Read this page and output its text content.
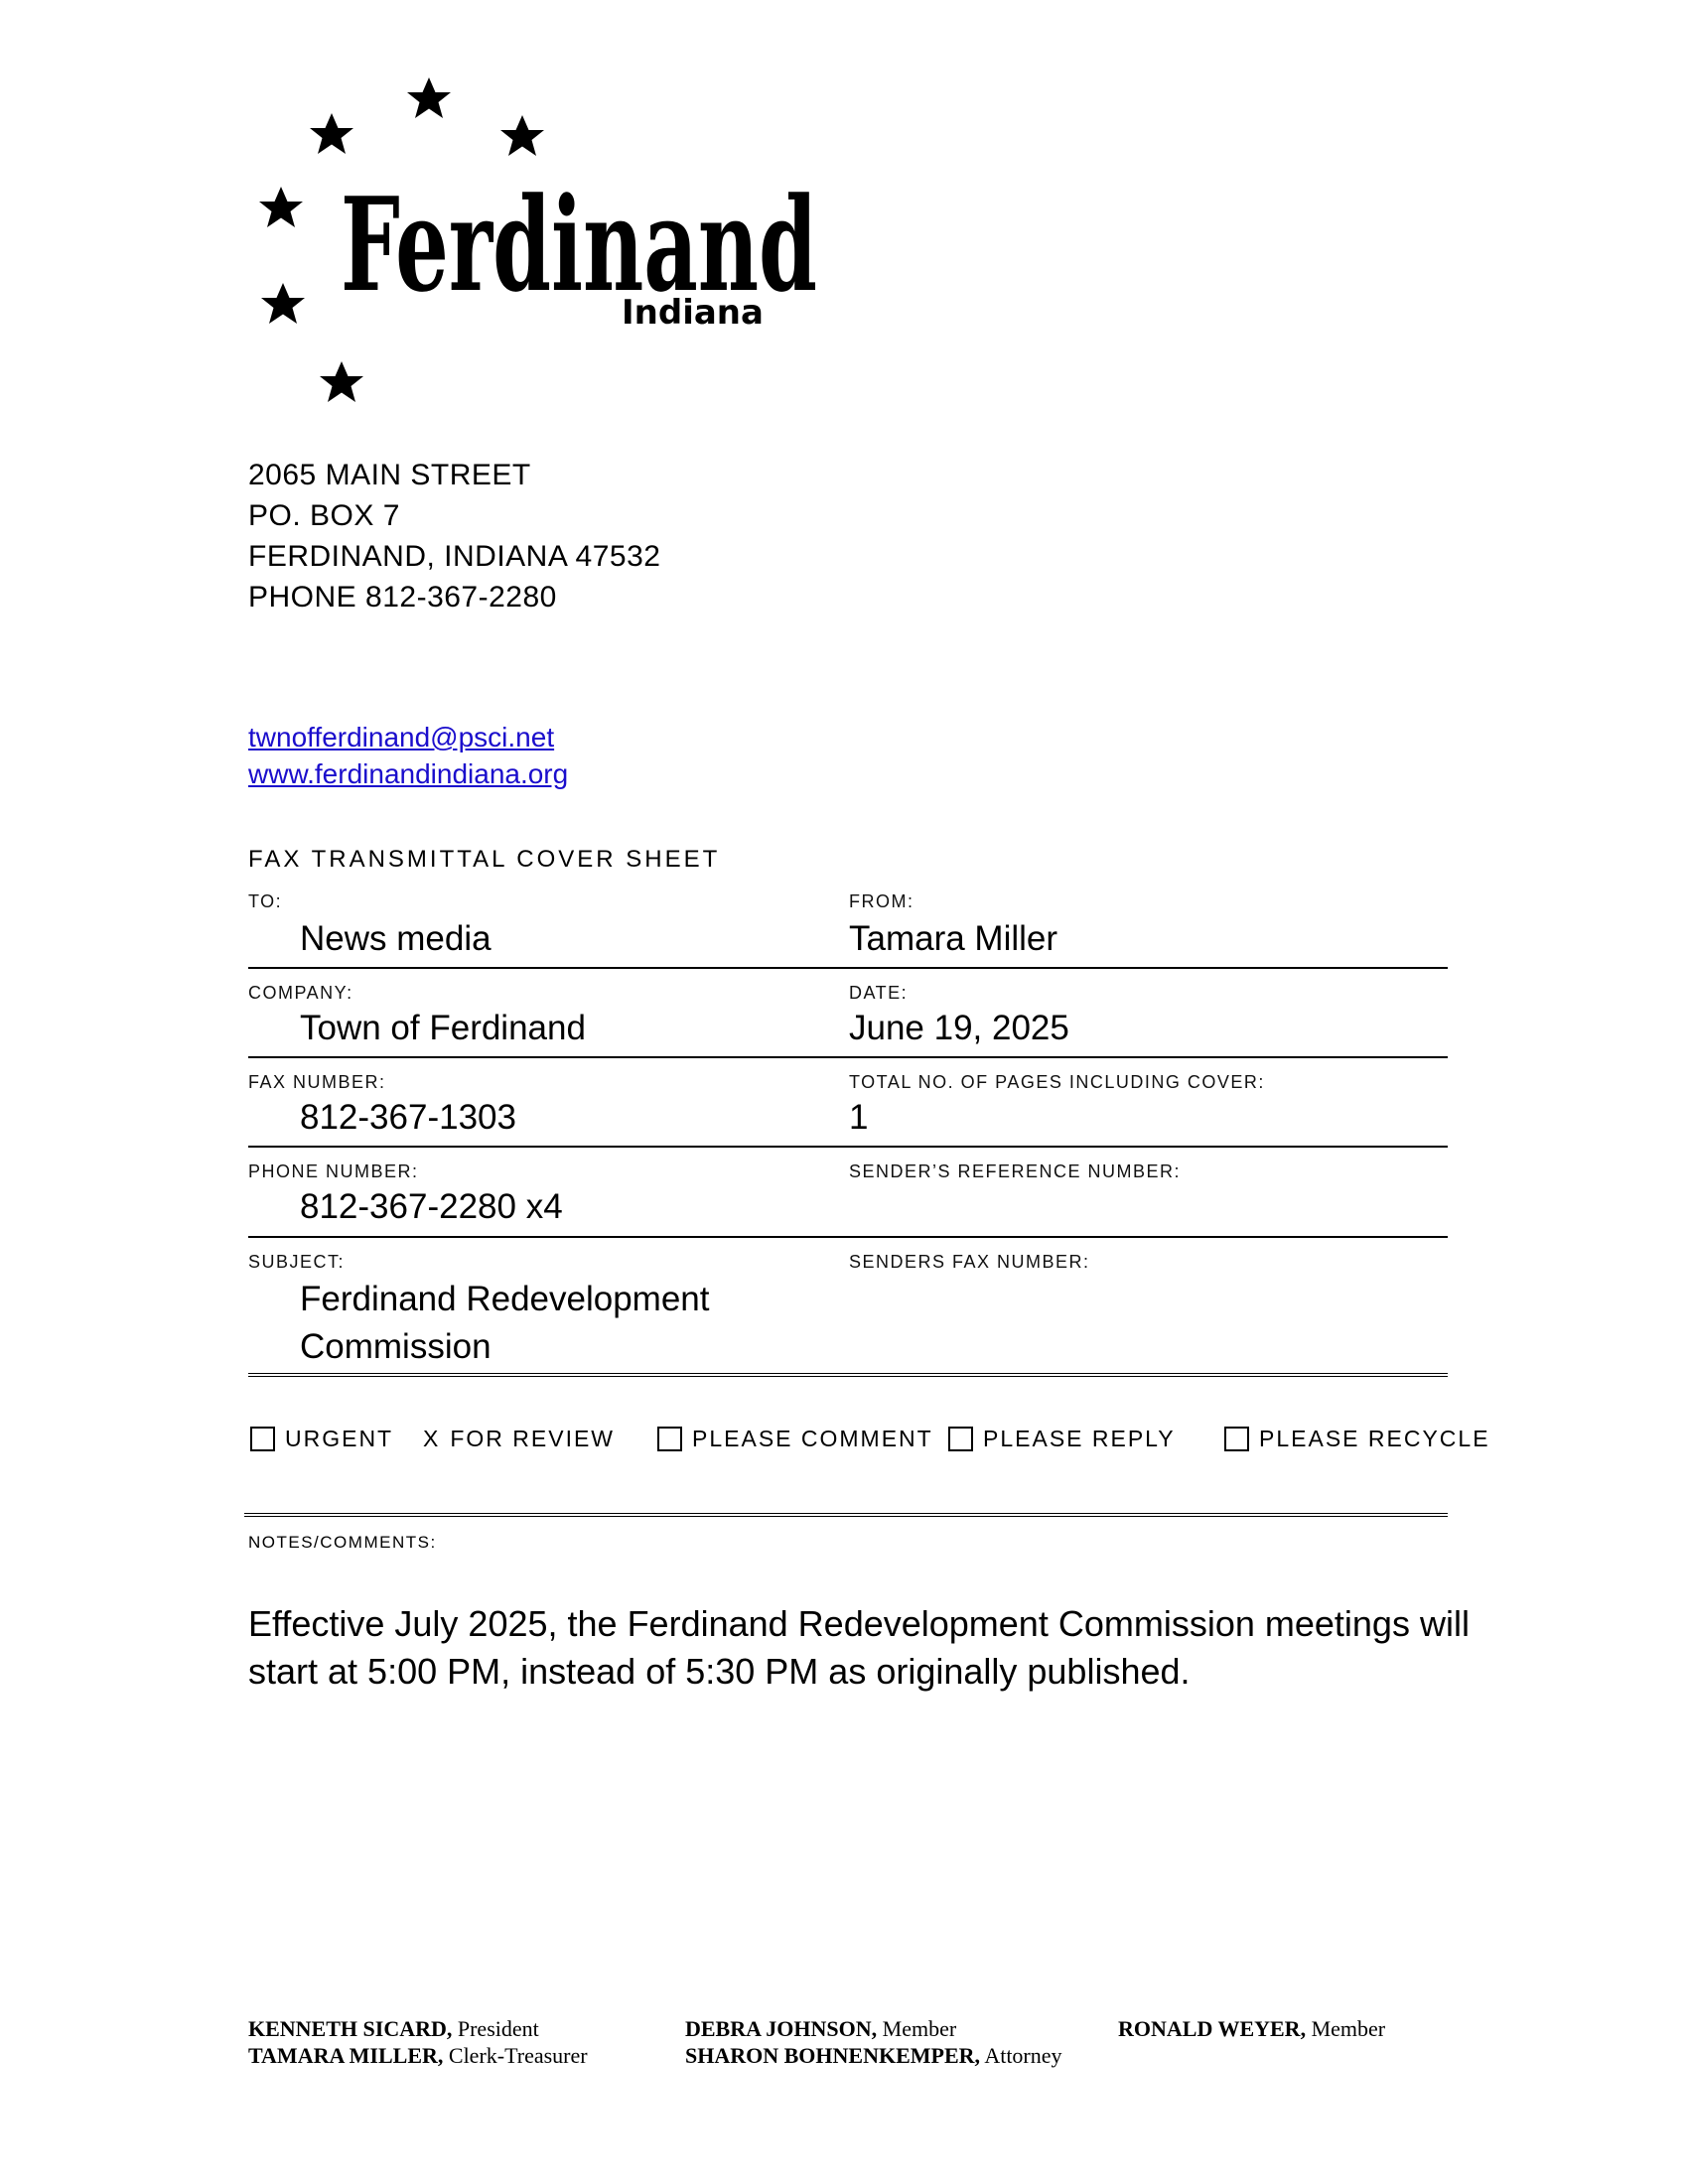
Ferdinand
Indiana
2065 MAIN STREET
PO. BOX 7
FERDINAND, INDIANA 47532
PHONE 812-367-2280
twnofferdinand@psci.net
www.ferdinandindiana.org
FAX TRANSMITTAL COVER SHEET
TO:
News media
FROM:
Tamara Miller
COMPANY:
Town of Ferdinand
DATE:
June 19, 2025
FAX NUMBER:
812-367-1303
TOTAL NO. OF PAGES INCLUDING COVER:
1
PHONE NUMBER:
812-367-2280 x4
SENDER’S REFERENCE NUMBER:
SUBJECT:
Ferdinand Redevelopment Commission
SENDERS FAX NUMBER:
URGENT X FOR REVIEW	PLEASE COMMENT PLEASE REPLY	PLEASE RECYCLE
NOTES/COMMENTS:
Effective July 2025, the Ferdinand Redevelopment Commission meetings will start at 5:00 PM, instead of 5:30 PM as originally published.
KENNETH SICARD, President
TAMARA MILLER, Clerk-Treasurer
DEBRA JOHNSON, Member
SHARON BOHNENKEMPER, Attorney
RONALD WEYER, Member
